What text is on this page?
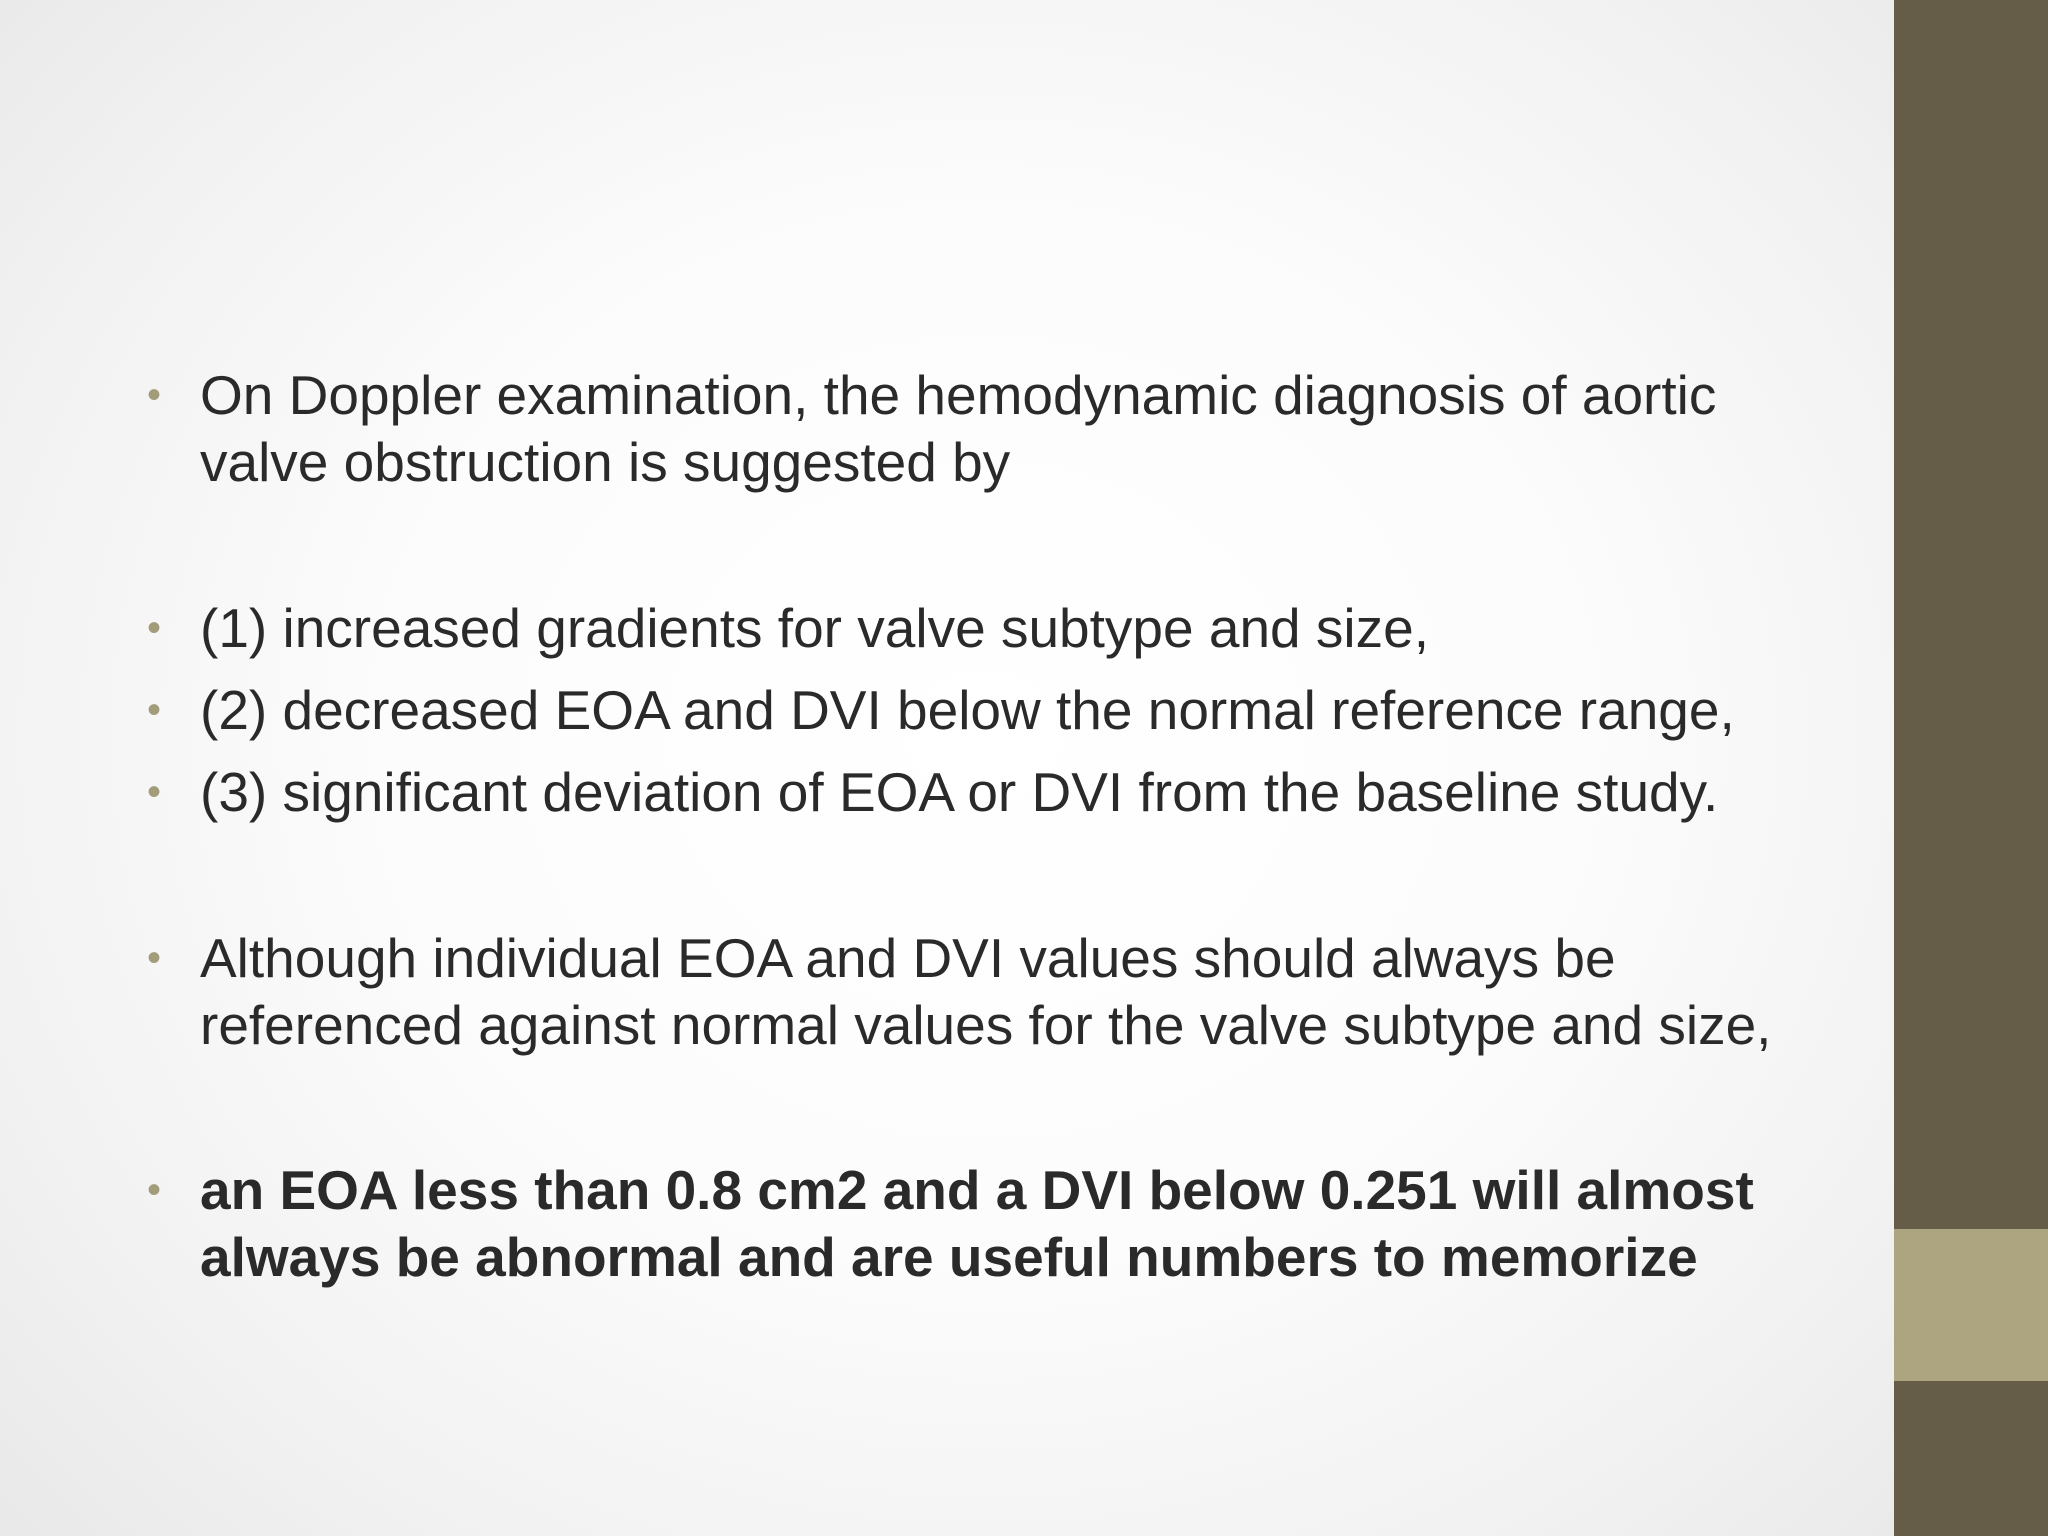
• On Doppler examination, the hemodynamic diagnosis of aortic valve obstruction is suggested by

• (1) increased gradients for valve subtype and size,

• (2) decreased EOA and DVI below the normal reference range,

• (3) significant deviation of EOA or DVI from the baseline study.

• Although individual EOA and DVI values should always be referenced against normal values for the valve subtype and size,

• an EOA less than 0.8 cm2 and a DVI below 0.251 will almost always be abnormal and are useful numbers to memorize
